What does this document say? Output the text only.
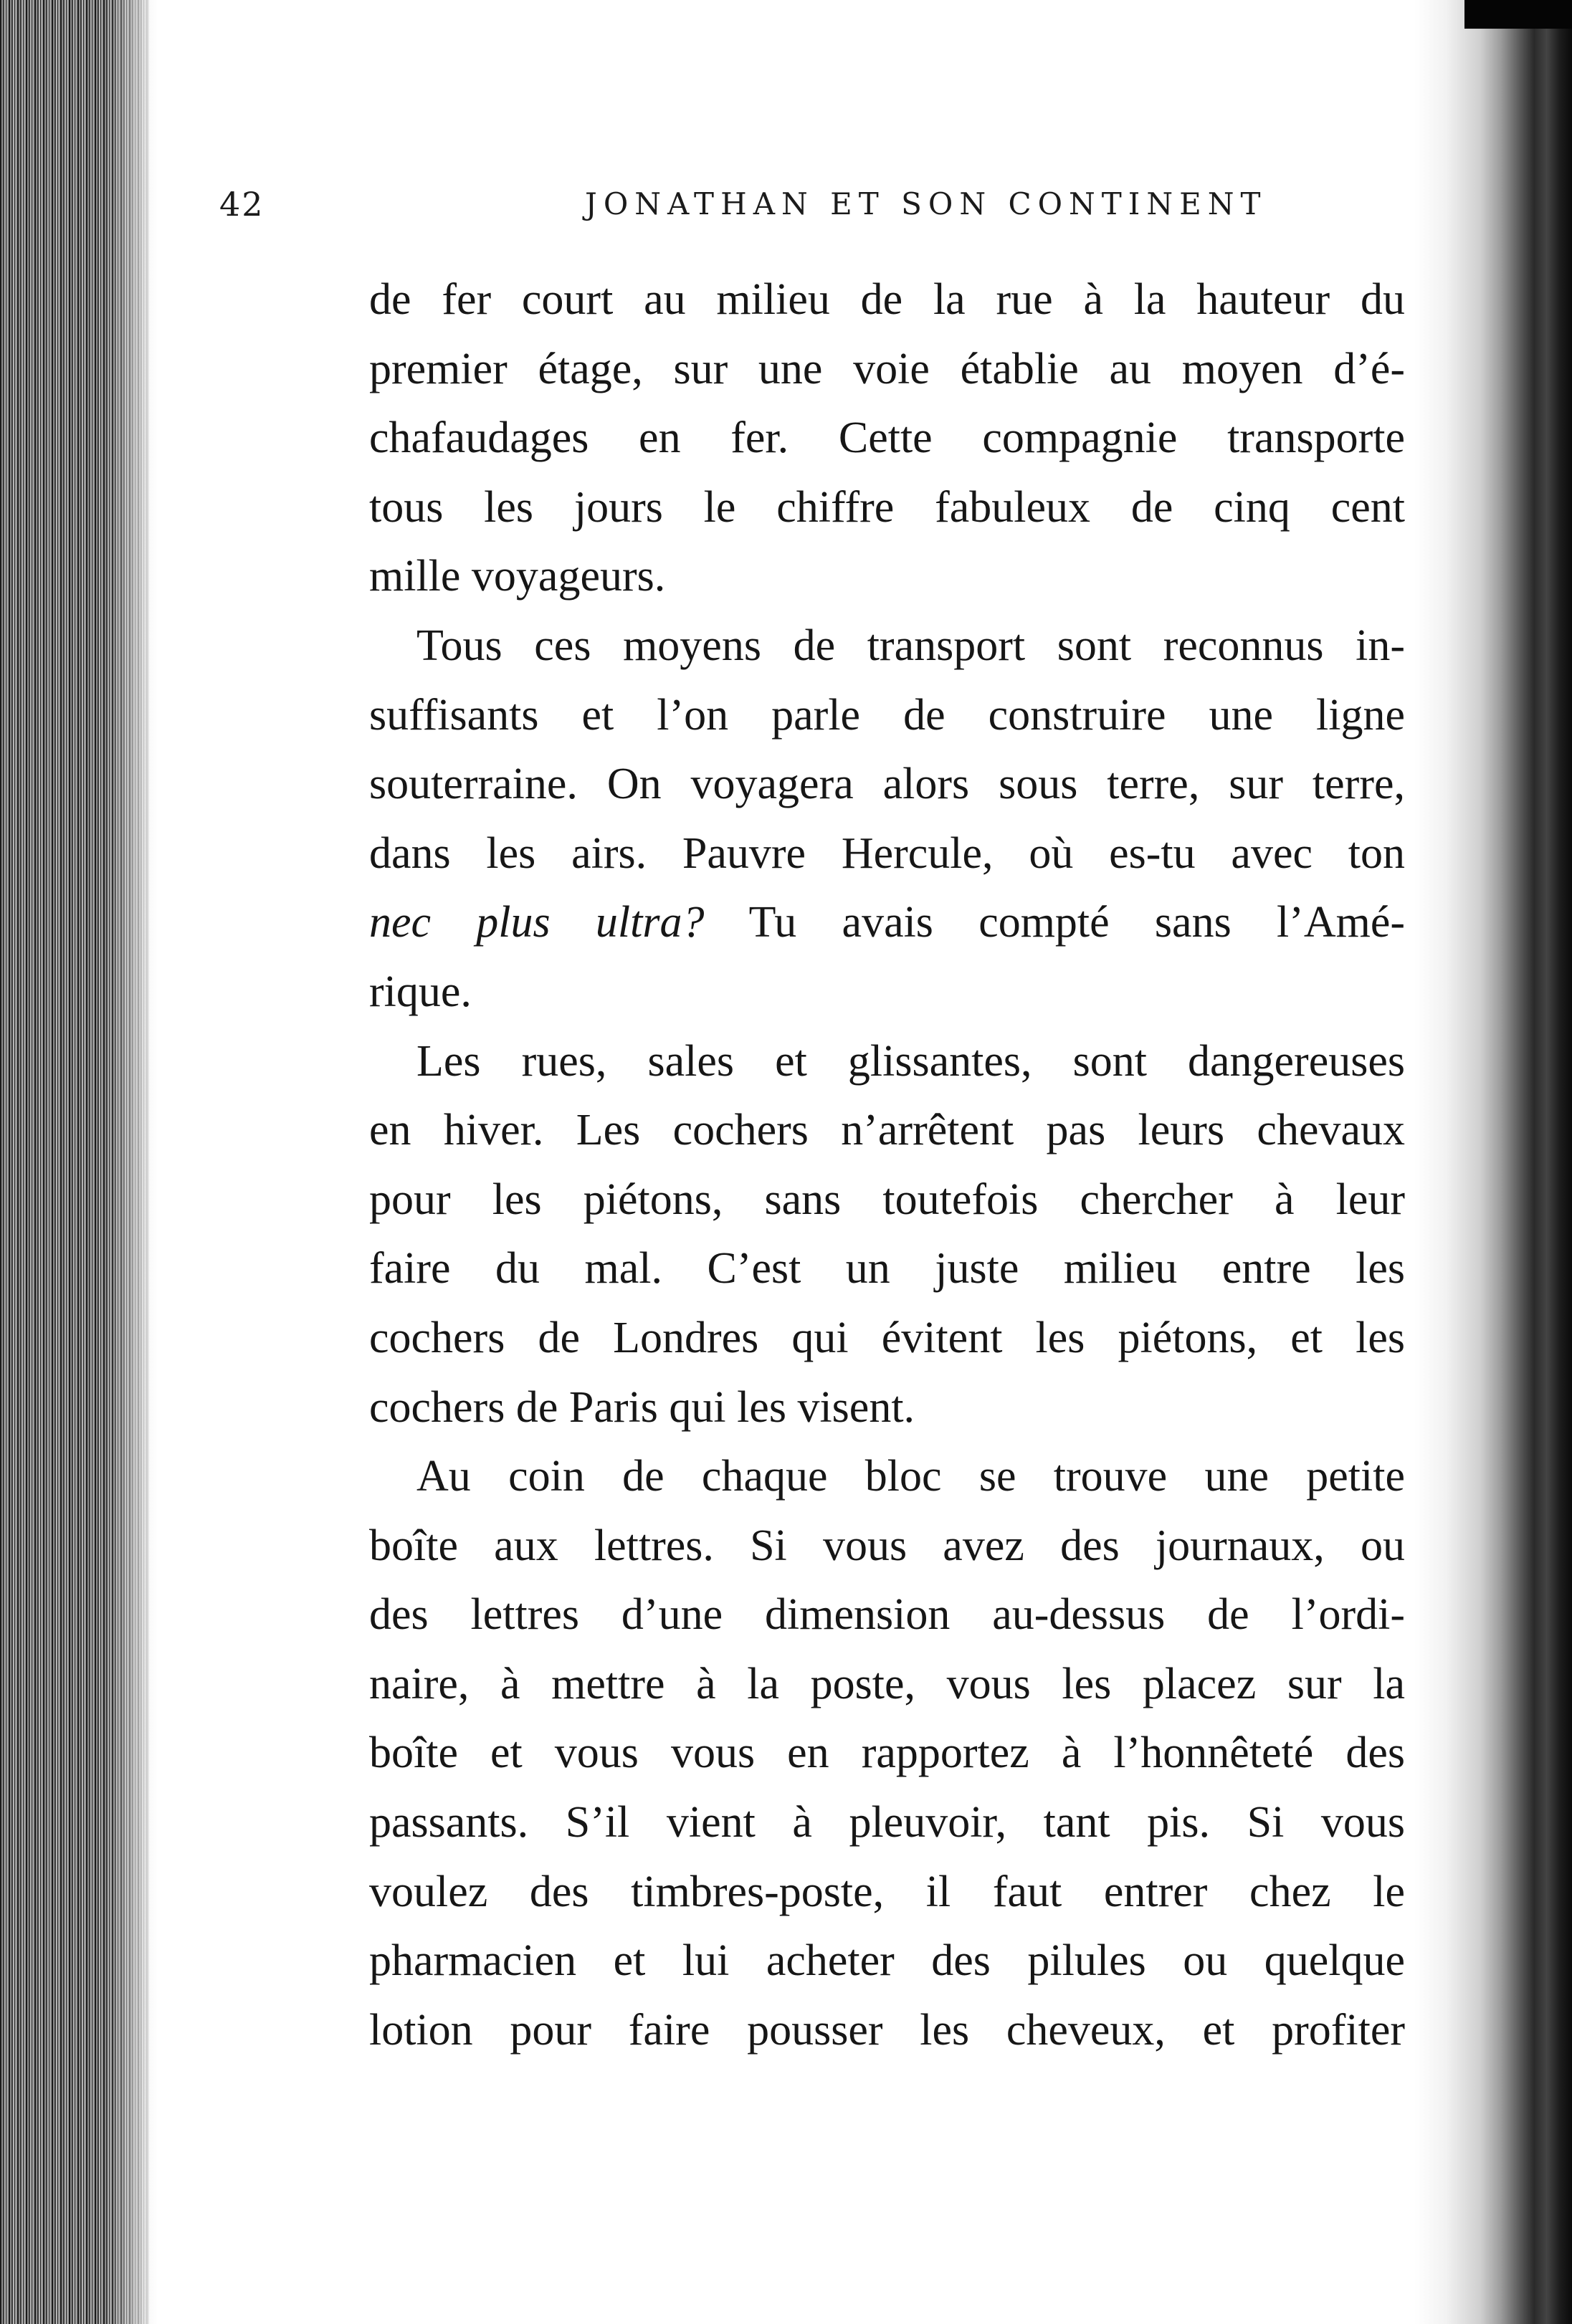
42	JONATHAN ET SON CONTINENT
de fer court au milieu de la rue à la hauteur du
premier étage, sur une voie établie au moyen d’é-
chafaudages en fer. Cette compagnie transporte
tous les jours le chiffre fabuleux de cinq cent
mille voyageurs.
Tous ces moyens de transport sont reconnus in-
suffisants et l’on parle de construire une ligne
souterraine. On voyagera alors sous terre, sur terre,
dans les airs. Pauvre Hercule, où es-tu avec ton
nec plus ultra? Tu avais compté sans l’Amé-
rique.
Les rues, sales et glissantes, sont dangereuses
en hiver. Les cochers n’arrêtent pas leurs chevaux
pour les piétons, sans toutefois chercher à leur
faire du mal. C’est un juste milieu entre les
cochers de Londres qui évitent les piétons, et les
cochers de Paris qui les visent.
Au coin de chaque bloc se trouve une petite
boîte aux lettres. Si vous avez des journaux, ou
des lettres d’une dimension au-dessus de l’ordi-
naire, à mettre à la poste, vous les placez sur la
boîte et vous vous en rapportez à l’honnêteté des
passants. S’il vient à pleuvoir, tant pis. Si vous
voulez des timbres-poste, il faut entrer chez le
pharmacien et lui acheter des pilules ou quelque
lotion pour faire pousser les cheveux, et profiter
